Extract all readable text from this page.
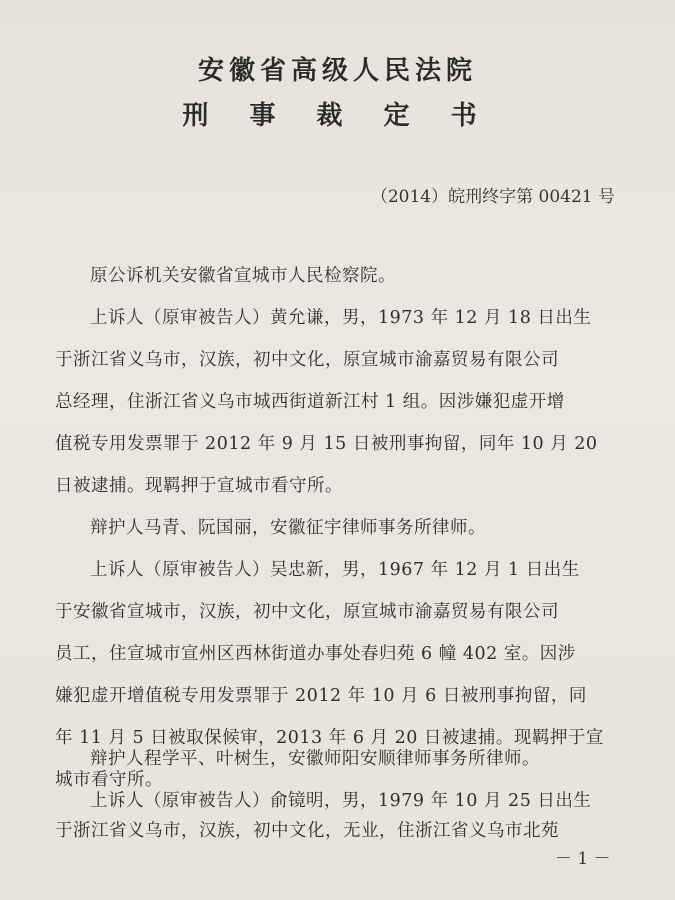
安徽省高级人民法院
刑 事 裁 定 书
（2014）皖刑终字第 00421 号
原公诉机关安徽省宣城市人民检察院。
上诉人（原审被告人）黄允谦，男，1973 年 12 月 18 日出生
于浙江省义乌市，汉族，初中文化，原宣城市渝嘉贸易有限公司
总经理，住浙江省义乌市城西街道新江村 1 组。因涉嫌犯虚开增
值税专用发票罪于 2012 年 9 月 15 日被刑事拘留，同年 10 月 20
日被逮捕。现羁押于宣城市看守所。
辩护人马青、阮国丽，安徽征宇律师事务所律师。
上诉人（原审被告人）吴忠新，男，1967 年 12 月 1 日出生
于安徽省宣城市，汉族，初中文化，原宣城市渝嘉贸易有限公司
员工，住宣城市宣州区西林街道办事处春归苑 6 幢 402 室。因涉
嫌犯虚开增值税专用发票罪于 2012 年 10 月 6 日被刑事拘留，同
年 11 月 5 日被取保候审，2013 年 6 月 20 日被逮捕。现羁押于宣
城市看守所。
辩护人程学平、叶树生，安徽师阳安顺律师事务所律师。
上诉人（原审被告人）俞镜明，男，1979 年 10 月 25 日出生
于浙江省义乌市，汉族，初中文化，无业，住浙江省义乌市北苑
－ 1 －
